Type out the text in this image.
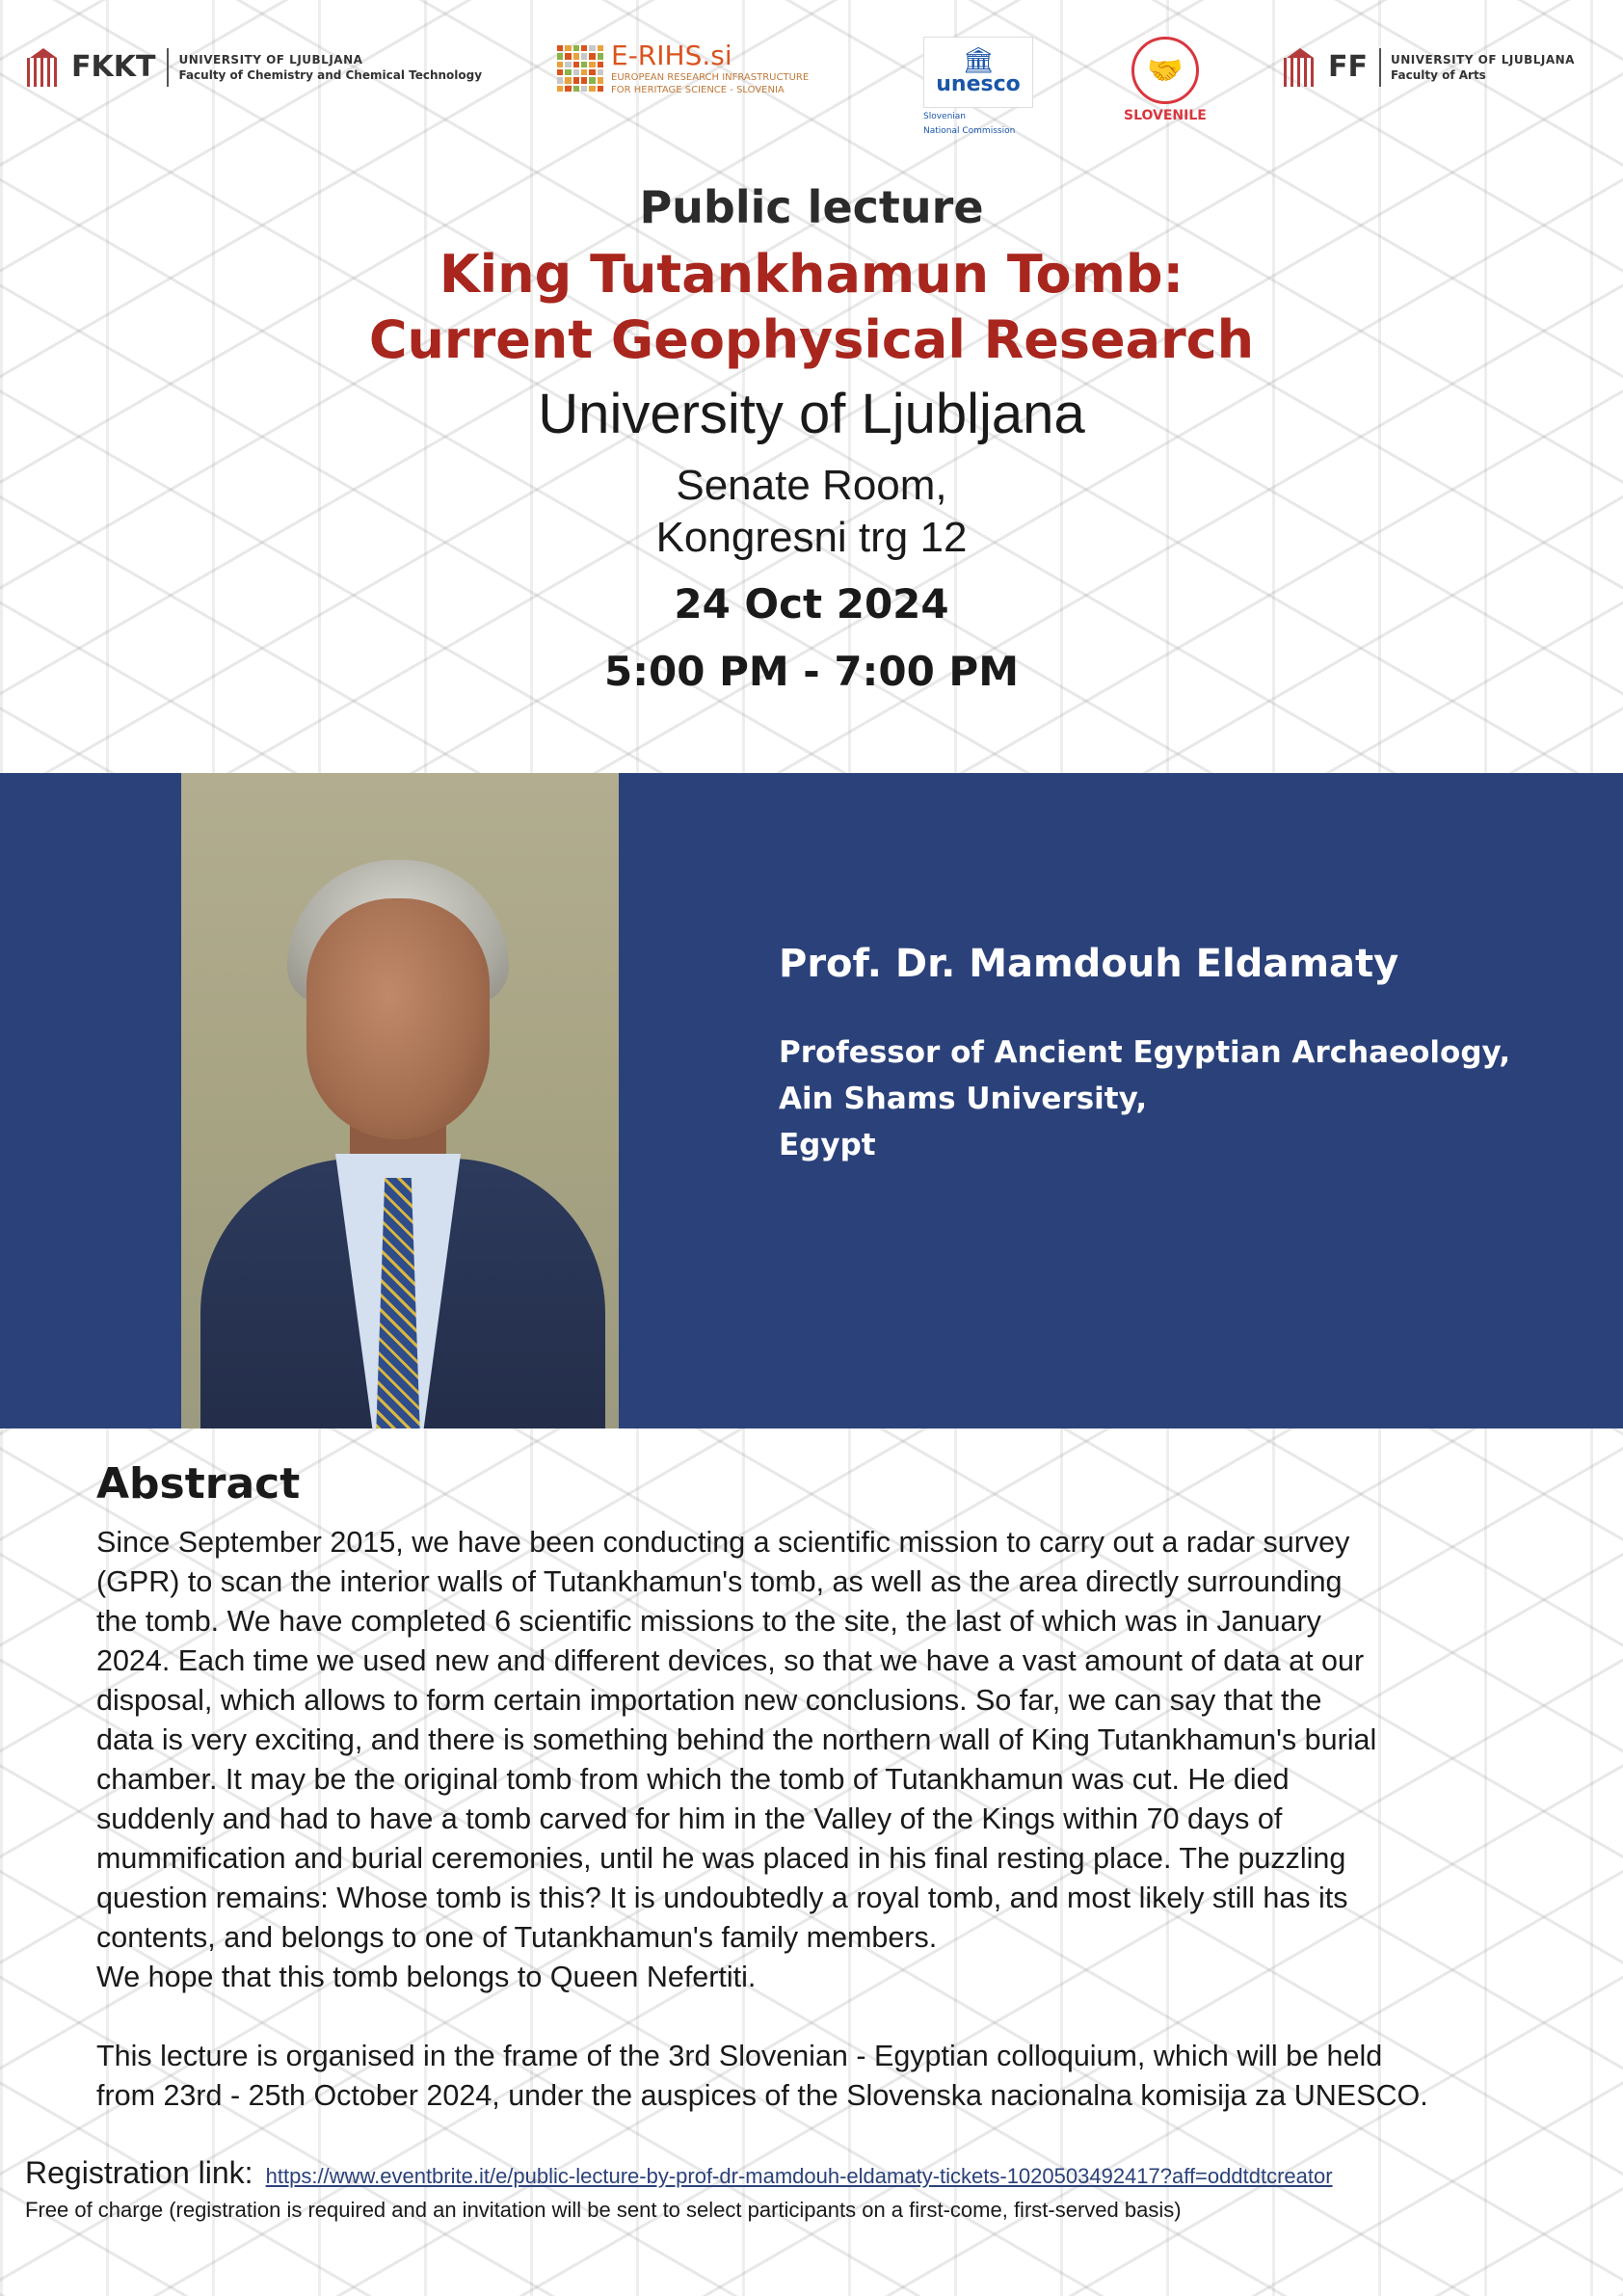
FKKT	UNIVERSITY OF LJUBLJANA
Faculty of Chemistry and Chemical Technology
E-RIHS.si
EUROPEAN RESEARCH INFRASTRUCTURE
FOR HERITAGE SCIENCE - SLOVENIA
🏛
unesco
Slovenian
National Commission
🤝
SLOVENILE
FF	UNIVERSITY OF LJUBLJANA
Faculty of Arts
Public lecture
King Tutankhamun Tomb:
Current Geophysical Research
University of Ljubljana
Senate Room,
Kongresni trg 12
24 Oct 2024
5:00 PM - 7:00 PM
Prof. Dr. Mamdouh Eldamaty
Professor of Ancient Egyptian Archaeology,
Ain Shams University,
Egypt
Abstract
Since September 2015, we have been conducting a scientific mission to carry out a radar survey
(GPR) to scan the interior walls of Tutankhamun's tomb, as well as the area directly surrounding
the tomb. We have completed 6 scientific missions to the site, the last of which was in January
2024. Each time we used new and different devices, so that we have a vast amount of data at our
disposal, which allows to form certain importation new conclusions. So far, we can say that the
data is very exciting, and there is something behind the northern wall of King Tutankhamun's burial
chamber. It may be the original tomb from which the tomb of Tutankhamun was cut. He died
suddenly and had to have a tomb carved for him in the Valley of the Kings within 70 days of
mummification and burial ceremonies, until he was placed in his final resting place. The puzzling
question remains: Whose tomb is this? It is undoubtedly a royal tomb, and most likely still has its
contents, and belongs to one of Tutankhamun's family members.
We hope that this tomb belongs to Queen Nefertiti.
This lecture is organised in the frame of the 3rd Slovenian - Egyptian colloquium, which will be held
from 23rd - 25th October 2024, under the auspices of the Slovenska nacionalna komisija za UNESCO.
Registration link: https://www.eventbrite.it/e/public-lecture-by-prof-dr-mamdouh-eldamaty-tickets-1020503492417?aff=oddtdtcreator
Free of charge (registration is required and an invitation will be sent to select participants on a first-come, first-served basis)
